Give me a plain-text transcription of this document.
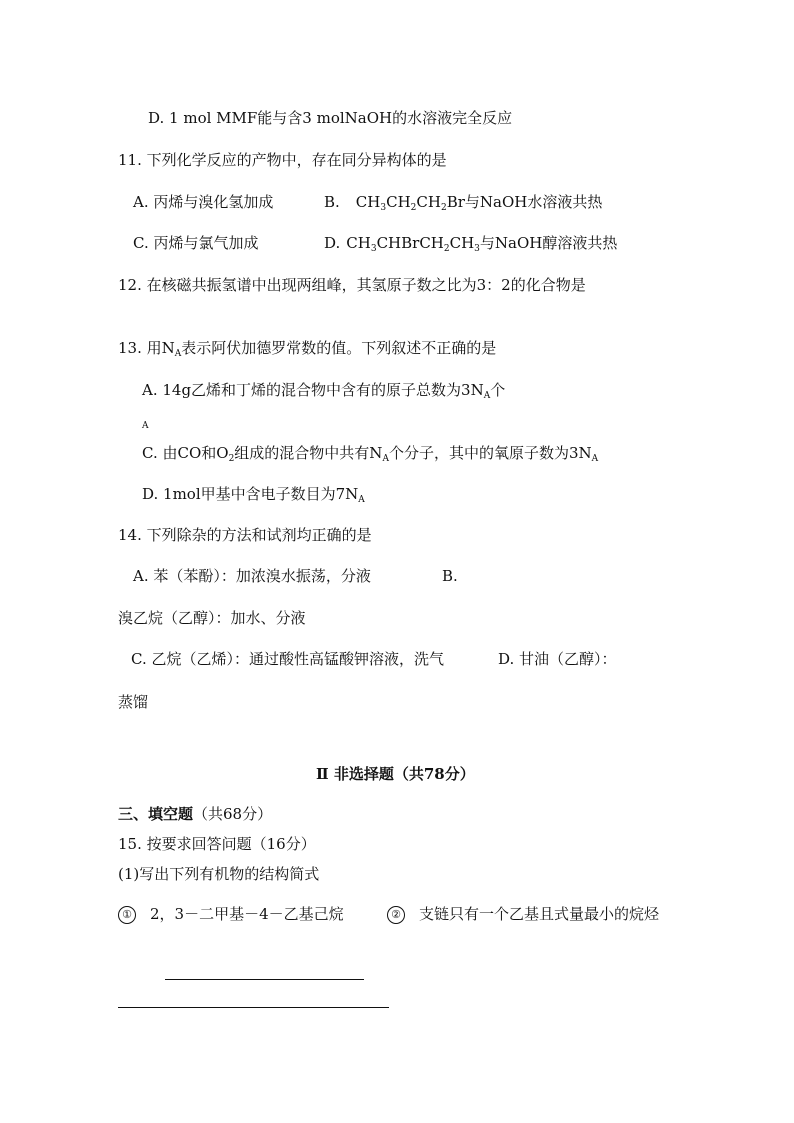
D. 1 mol MMF能与含3 molNaOH的水溶液完全反应
11. 下列化学反应的产物中，存在同分异构体的是
A. 丙烯与溴化氢加成	B. $CH_3CH_2CH_2Br$与NaOH水溶液共热
C. 丙烯与氯气加成	D. $CH_3CHBrCH_2CH_3$与NaOH醇溶液共热
12. 在核磁共振氢谱中出现两组峰，其氢原子数之比为3：2的化合物是
13. 用$N_A$表示阿伏加德罗常数的值。下列叙述不正确的是
A. 14g乙烯和丁烯的混合物中含有的原子总数为$3N_A$个
A
C. 由CO和$O_2$组成的混合物中共有$N_A$个分子，其中的氧原子数为$3N_A$
D. 1mol甲基中含电子数目为$7N_A$
14. 下列除杂的方法和试剂均正确的是
A. 苯（苯酚）：加浓溴水振荡，分液	B.
溴乙烷（乙醇）：加水、分液
C. 乙烷（乙烯）：通过酸性高锰酸钾溶液，洗气	D. 甘油（乙醇）：
蒸馏
Ⅱ 非选择题（共78分）
三、填空题（共68分）
15. 按要求回答问题（16分）
(1)写出下列有机物的结构简式
① 2，3－二甲基－4－乙基己烷	② 支链只有一个乙基且式量最小的烷烃
